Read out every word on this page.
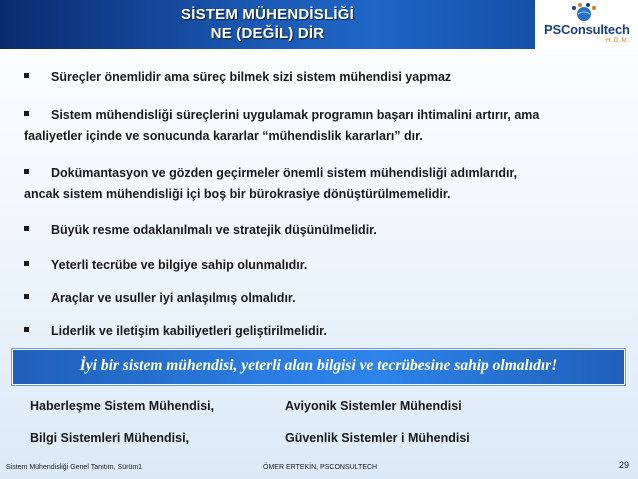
SİSTEM MÜHENDİSLİĞİ
NE (DEĞİL) DİR	PSConsultech
H.D.M.
Süreçler önemlidir ama süreç bilmek sizi sistem mühendisi yapmaz
Sistem mühendisliği süreçlerini uygulamak programın başarı ihtimalini artırır, ama
faaliyetler içinde ve sonucunda kararlar “mühendislik kararları” dır.
Dokümantasyon ve gözden geçirmeler önemli sistem mühendisliği adımlarıdır,
ancak sistem mühendisliği içi boş bir bürokrasiye dönüştürülmemelidir.
Büyük resme odaklanılmalı ve stratejik düşünülmelidir.
Yeterli tecrübe ve bilgiye sahip olunmalıdır.
Araçlar ve usuller iyi anlaşılmış olmalıdır.
Liderlik ve iletişim kabiliyetleri geliştirilmelidir.
İyi bir sistem mühendisi, yeterli alan bilgisi ve tecrübesine sahip olmalıdır!
Haberleşme Sistem Mühendisi,	Aviyonik Sistemler Mühendisi
Bilgi Sistemleri Mühendisi,	Güvenlik Sistemler i Mühendisi
Sistem Mühendisliği Genel Tanıtım, Sürüm1	ÖMER ERTEKİN, PSCONSULTECH	29
